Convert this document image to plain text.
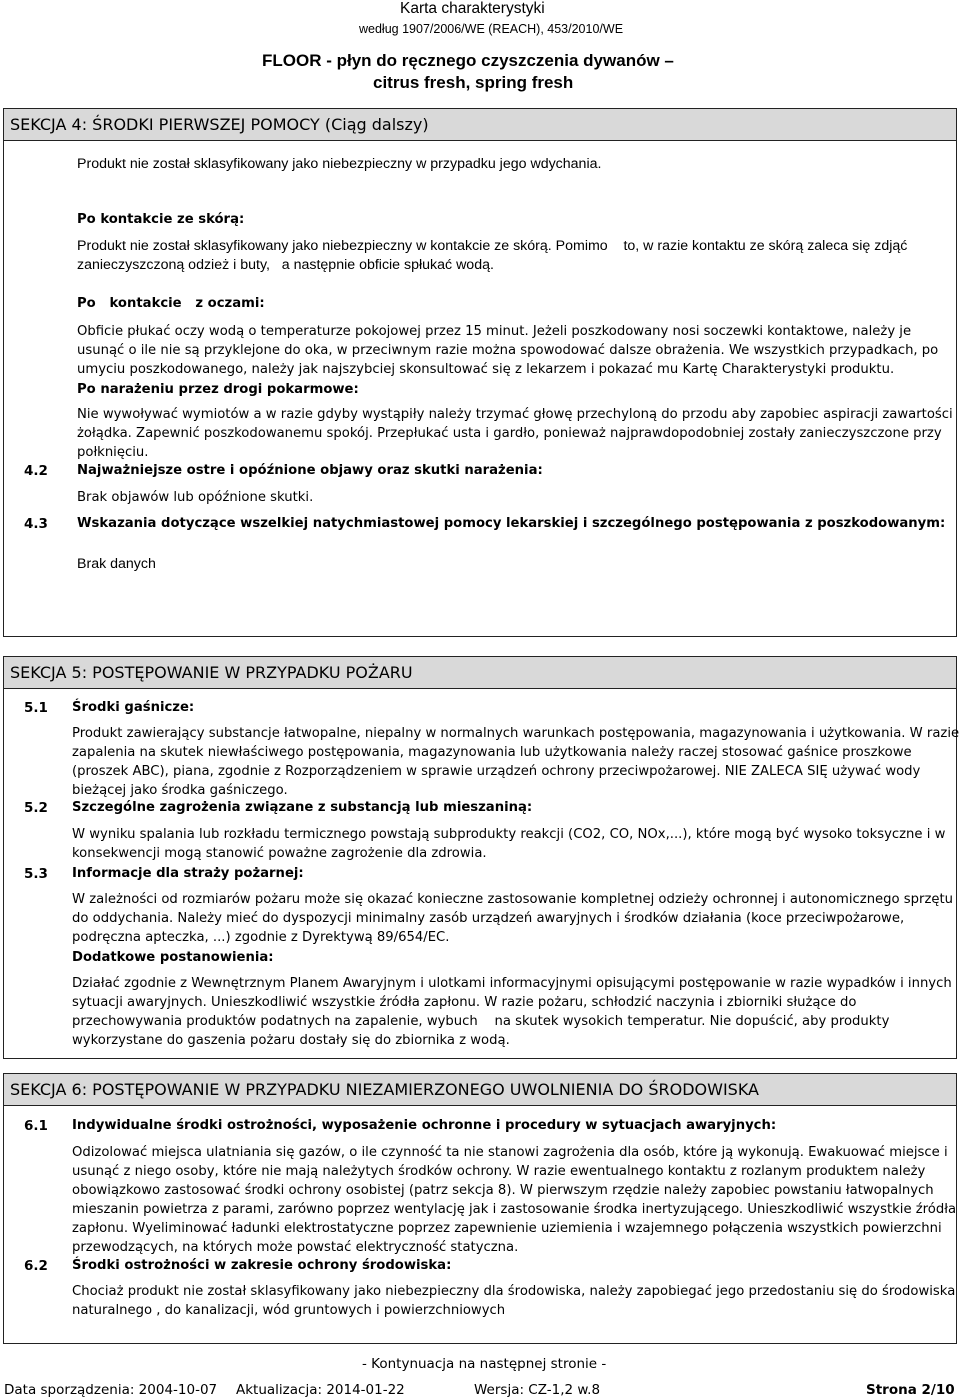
Karta charakterystyki
według 1907/2006/WE (REACH), 453/2010/WE
FLOOR - płyn do ręcznego czyszczenia dywanów –
citrus fresh, spring fresh
SEKCJA 4: ŚRODKI PIERWSZEJ POMOCY (Ciąg dalszy)
Produkt nie został sklasyfikowany jako niebezpieczny w przypadku jego wdychania.
Po kontakcie ze skórą:
Produkt nie został sklasyfikowany jako niebezpieczny w kontakcie ze skórą. Pomimo    to, w razie kontaktu ze skórą zaleca się zdjąć
zanieczyszczoną odzież i buty,   a następnie obficie spłukać wodą.
Po   kontakcie   z oczami:
Obficie płukać oczy wodą o temperaturze pokojowej przez 15 minut. Jeżeli poszkodowany nosi soczewki kontaktowe, należy je
usunąć o ile nie są przyklejone do oka, w przeciwnym razie można spowodować dalsze obrażenia. We wszystkich przypadkach, po
umyciu poszkodowanego, należy jak najszybciej skonsultować się z lekarzem i pokazać mu Kartę Charakterystyki produktu.
Po narażeniu przez drogi pokarmowe:
Nie wywoływać wymiotów a w razie gdyby wystąpiły należy trzymać głowę przechyloną do przodu aby zapobiec aspiracji zawartości
żołądka. Zapewnić poszkodowanemu spokój. Przepłukać usta i gardło, ponieważ najprawdopodobniej zostały zanieczyszczone przy
połknięciu.
4.2 Najważniejsze ostre i opóźnione objawy oraz skutki narażenia:
Brak objawów lub opóźnione skutki.
4.3 Wskazania dotyczące wszelkiej natychmiastowej pomocy lekarskiej i szczególnego postępowania z poszkodowanym:
Brak danych
SEKCJA 5: POSTĘPOWANIE W PRZYPADKU POŻARU
5.1 Środki gaśnicze:
Produkt zawierający substancje łatwopalne, niepalny w normalnych warunkach postępowania, magazynowania i użytkowania. W razie
zapalenia na skutek niewłaściwego postępowania, magazynowania lub użytkowania należy raczej stosować gaśnice proszkowe
(proszek ABC), piana, zgodnie z Rozporządzeniem w sprawie urządzeń ochrony przeciwpożarowej. NIE ZALECA SIĘ używać wody
bieżącej jako środka gaśniczego.
5.2 Szczególne zagrożenia związane z substancją lub mieszaniną:
W wyniku spalania lub rozkładu termicznego powstają subprodukty reakcji (CO2, CO, NOx,...), które mogą być wysoko toksyczne i w
konsekwencji mogą stanowić poważne zagrożenie dla zdrowia.
5.3 Informacje dla straży pożarnej:
W zależności od rozmiarów pożaru może się okazać konieczne zastosowanie kompletnej odzieży ochronnej i autonomicznego sprzętu
do oddychania. Należy mieć do dyspozycji minimalny zasób urządzeń awaryjnych i środków działania (koce przeciwpożarowe,
podręczna apteczka, ...) zgodnie z Dyrektywą 89/654/EC.
Dodatkowe postanowienia:
Działać zgodnie z Wewnętrznym Planem Awaryjnym i ulotkami informacyjnymi opisującymi postępowanie w razie wypadków i innych
sytuacji awaryjnych. Unieszkodliwić wszystkie źródła zapłonu. W razie pożaru, schłodzić naczynia i zbiorniki służące do
przechowywania produktów podatnych na zapalenie, wybuch    na skutek wysokich temperatur. Nie dopuścić, aby produkty
wykorzystane do gaszenia pożaru dostały się do zbiornika z wodą.
SEKCJA 6: POSTĘPOWANIE W PRZYPADKU NIEZAMIERZONEGO UWOLNIENIA DO ŚRODOWISKA
6.1 Indywidualne środki ostrożności, wyposażenie ochronne i procedury w sytuacjach awaryjnych:
Odizolować miejsca ulatniania się gazów, o ile czynność ta nie stanowi zagrożenia dla osób, które ją wykonują. Ewakuować miejsce i
usunąć z niego osoby, które nie mają należytych środków ochrony. W razie ewentualnego kontaktu z rozlanym produktem należy
obowiązkowo zastosować środki ochrony osobistej (patrz sekcja 8). W pierwszym rzędzie należy zapobiec powstaniu łatwopalnych
mieszanin powietrza z parami, zarówno poprzez wentylację jak i zastosowanie środka inertyzującego. Unieszkodliwić wszystkie źródła
zapłonu. Wyeliminować ładunki elektrostatyczne poprzez zapewnienie uziemienia i wzajemnego połączenia wszystkich powierzchni
przewodzących, na których może powstać elektryczność statyczna.
6.2 Środki ostrożności w zakresie ochrony środowiska:
Chociaż produkt nie został sklasyfikowany jako niebezpieczny dla środowiska, należy zapobiegać jego przedostaniu się do środowiska
naturalnego , do kanalizacji, wód gruntowych i powierzchniowych
- Kontynuacja na następnej stronie -
Data sporządzenia: 2004-10-07 Aktualizacja: 2014-01-22	Wersja: CZ-1,2 w.8	Strona 2/10
